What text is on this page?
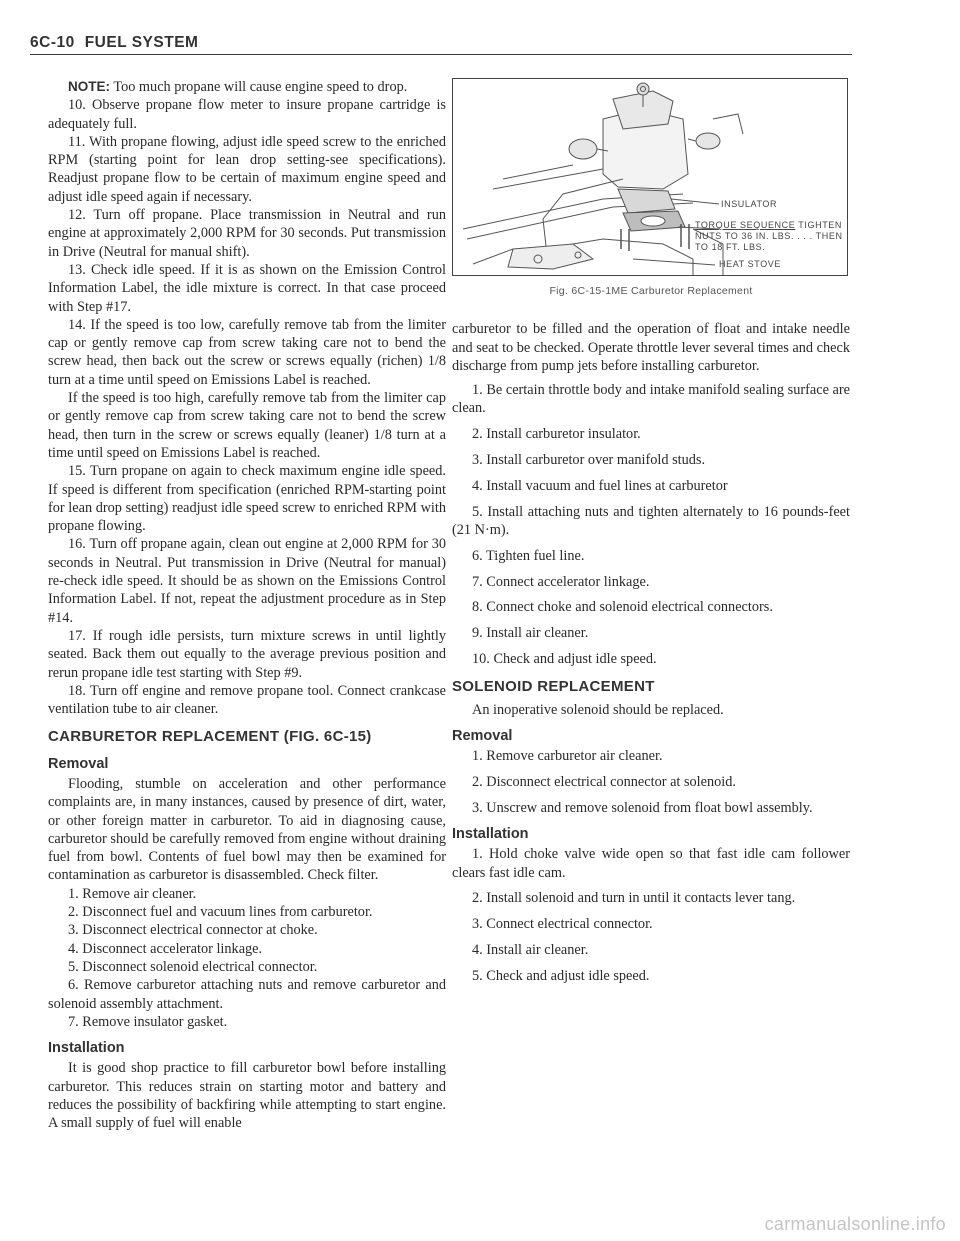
6C-10 FUEL SYSTEM

NOTE: Too much propane will cause engine speed to drop.

10. Observe propane flow meter to insure propane cartridge is adequately full.

11. With propane flowing, adjust idle speed screw to the enriched RPM (starting point for lean drop setting-see specifications). Readjust propane flow to be certain of maximum engine speed and adjust idle speed again if necessary.

12. Turn off propane. Place transmission in Neutral and run engine at approximately 2,000 RPM for 30 seconds. Put transmission in Drive (Neutral for manual shift).

13. Check idle speed. If it is as shown on the Emission Control Information Label, the idle mixture is correct. In that case proceed with Step #17.

14. If the speed is too low, carefully remove tab from the limiter cap or gently remove cap from screw taking care not to bend the screw head, then back out the screw or screws equally (richen) 1/8 turn at a time until speed on Emissions Label is reached.

If the speed is too high, carefully remove tab from the limiter cap or gently remove cap from screw taking care not to bend the screw head, then turn in the screw or screws equally (leaner) 1/8 turn at a time until speed on Emissions Label is reached.

15. Turn propane on again to check maximum engine idle speed. If speed is different from specification (enriched RPM-starting point for lean drop setting) readjust idle speed screw to enriched RPM with propane flowing.

16. Turn off propane again, clean out engine at 2,000 RPM for 30 seconds in Neutral. Put transmission in Drive (Neutral for manual) re-check idle speed. It should be as shown on the Emissions Control Information Label. If not, repeat the adjustment procedure as in Step #14.

17. If rough idle persists, turn mixture screws in until lightly seated. Back them out equally to the average previous position and rerun propane idle test starting with Step #9.

18. Turn off engine and remove propane tool. Connect crankcase ventilation tube to air cleaner.

CARBURETOR REPLACEMENT (FIG. 6C-15)
Removal

Flooding, stumble on acceleration and other performance complaints are, in many instances, caused by presence of dirt, water, or other foreign matter in carburetor. To aid in diagnosing cause, carburetor should be carefully removed from engine without draining fuel from bowl. Contents of fuel bowl may then be examined for contamination as carburetor is disassembled. Check filter.

1. Remove air cleaner.

2. Disconnect fuel and vacuum lines from carburetor.

3. Disconnect electrical connector at choke.

4. Disconnect accelerator linkage.

5. Disconnect solenoid electrical connector.

6. Remove carburetor attaching nuts and remove carburetor and solenoid assembly attachment.

7. Remove insulator gasket.

Installation

It is good shop practice to fill carburetor bowl before installing carburetor. This reduces strain on starting motor and battery and reduces the possibility of backfiring while attempting to start engine. A small supply of fuel will enable

INSULATOR
TORQUE SEQUENCE TIGHTEN
NUTS TO 36 IN. LBS. . . . THEN
TO 18 FT. LBS.
HEAT STOVE
Fig. 6C-15-1ME Carburetor Replacement

carburetor to be filled and the operation of float and intake needle and seat to be checked. Operate throttle lever several times and check discharge from pump jets before installing carburetor.

1. Be certain throttle body and intake manifold sealing surface are clean.

2. Install carburetor insulator.

3. Install carburetor over manifold studs.

4. Install vacuum and fuel lines at carburetor

5. Install attaching nuts and tighten alternately to 16 pounds-feet (21 N·m).

6. Tighten fuel line.

7. Connect accelerator linkage.

8. Connect choke and solenoid electrical connectors.

9. Install air cleaner.

10. Check and adjust idle speed.

SOLENOID REPLACEMENT

An inoperative solenoid should be replaced.

Removal

1. Remove carburetor air cleaner.

2. Disconnect electrical connector at solenoid.

3. Unscrew and remove solenoid from float bowl assembly.

Installation

1. Hold choke valve wide open so that fast idle cam follower clears fast idle cam.

2. Install solenoid and turn in until it contacts lever tang.

3. Connect electrical connector.

4. Install air cleaner.

5. Check and adjust idle speed.

carmanualsonline.info
